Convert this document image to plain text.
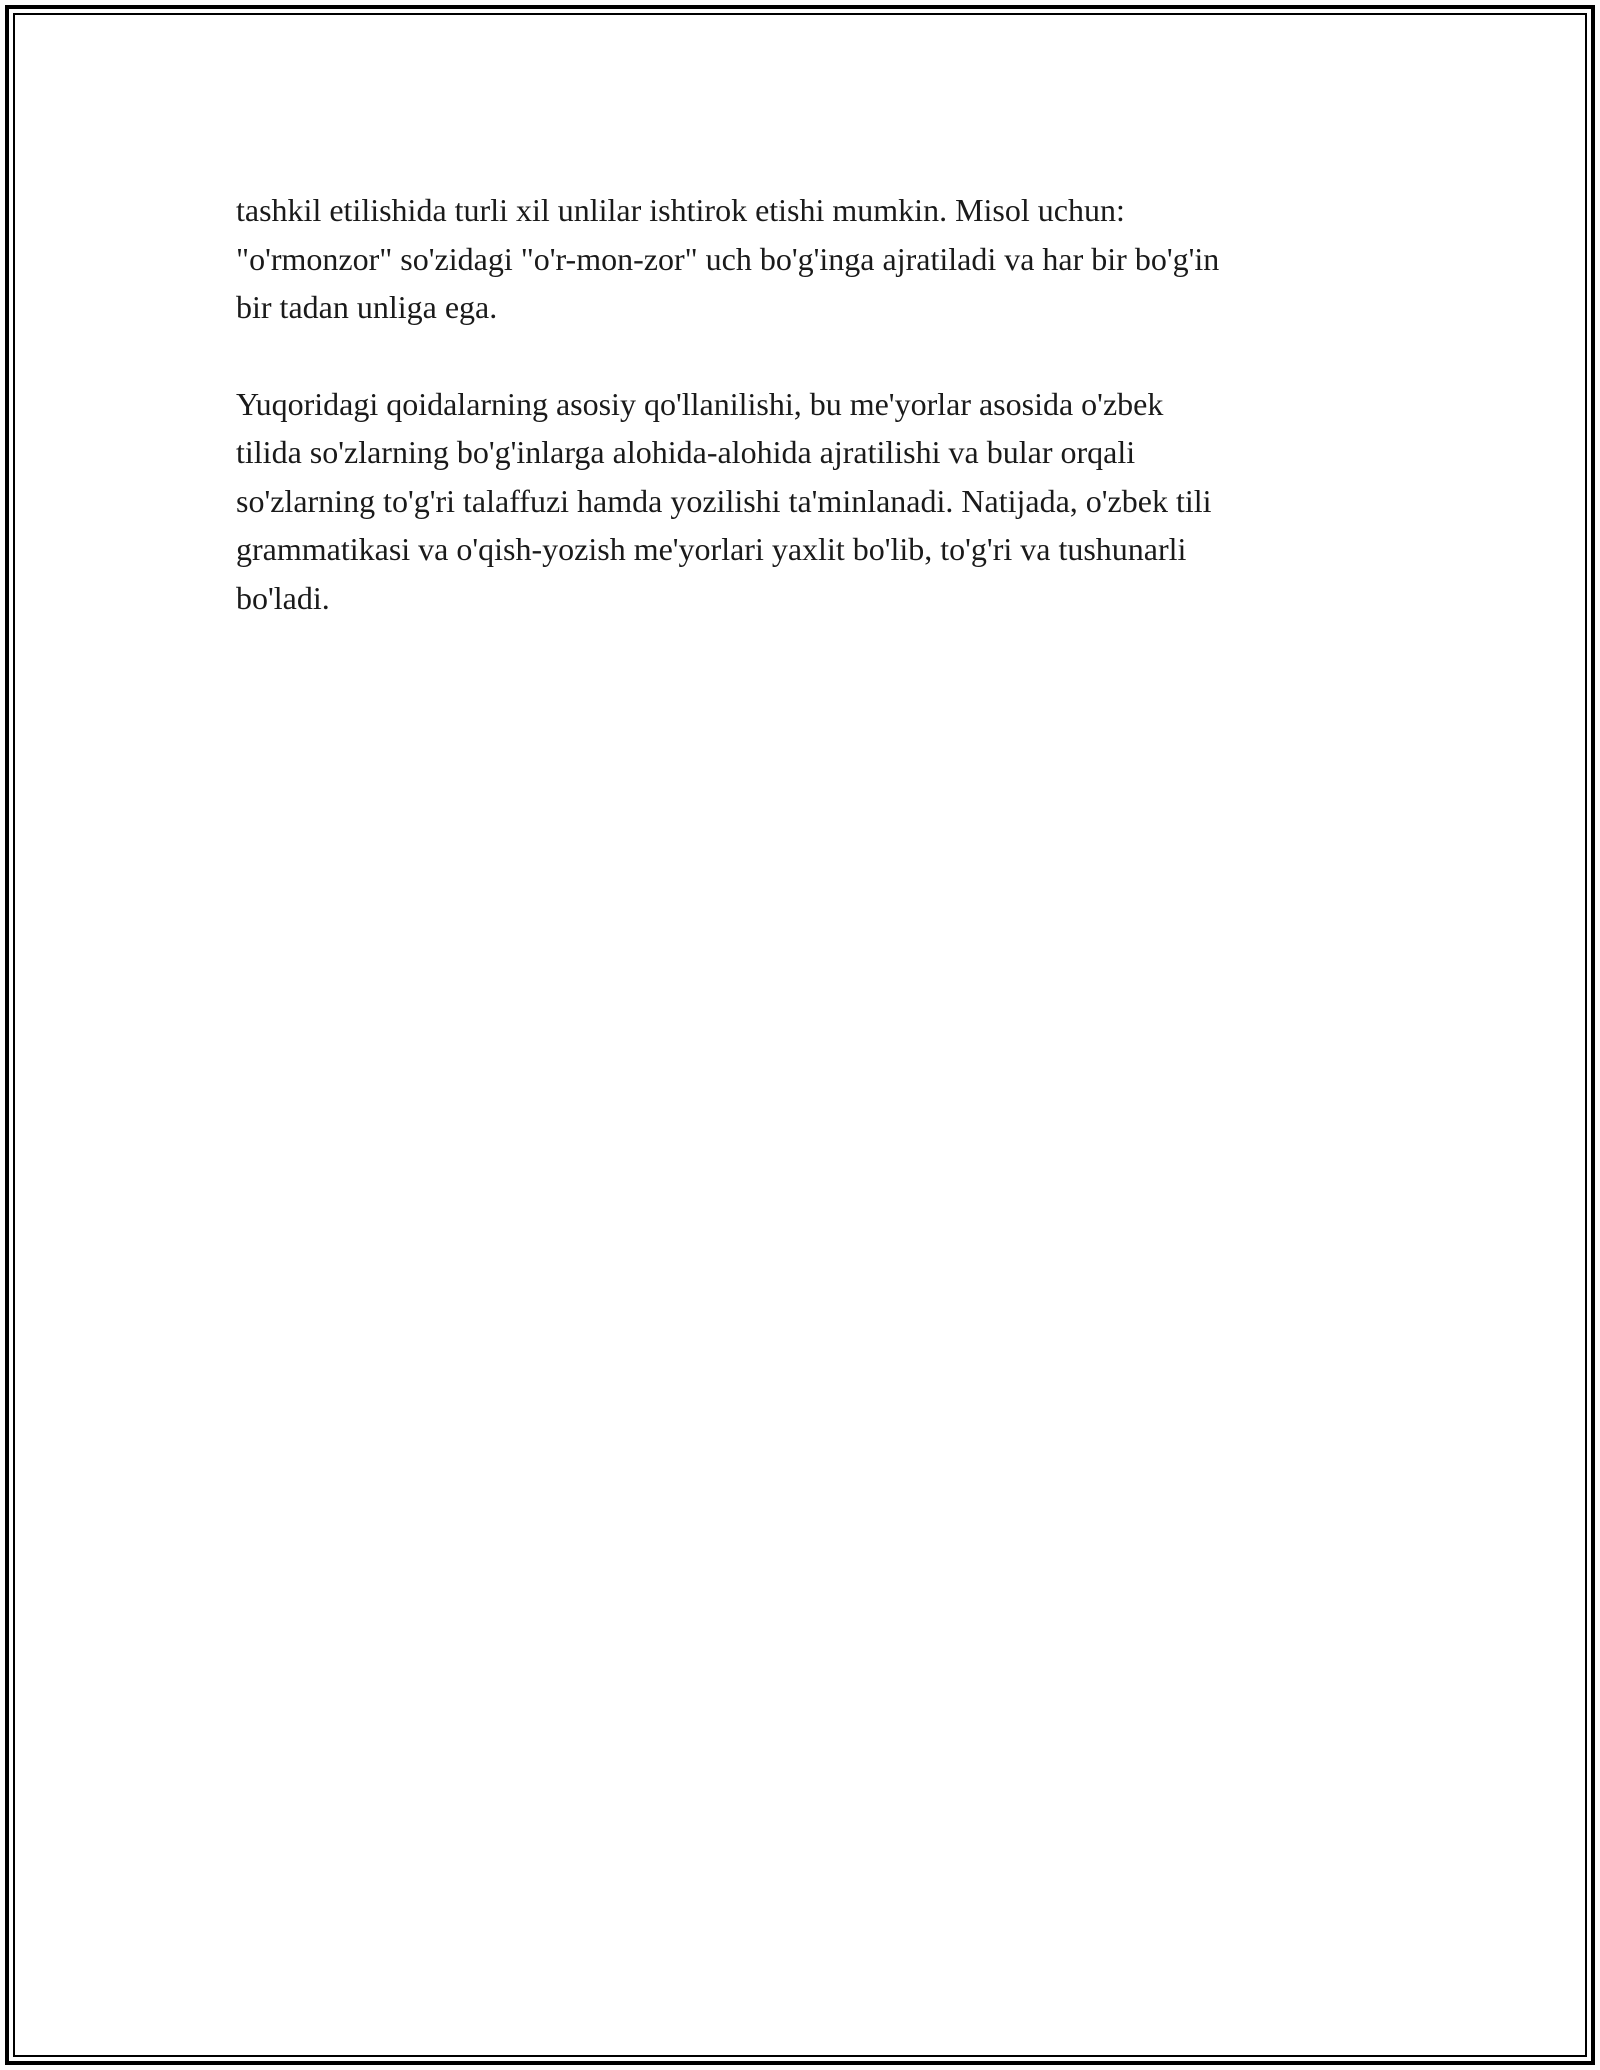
tashkil etilishida turli xil unlilar ishtirok etishi mumkin. Misol uchun:
"o'rmonzor" so'zidagi "o'r-mon-zor" uch bo'g'inga ajratiladi va har bir bo'g'in
bir tadan unliga ega.

Yuqoridagi qoidalarning asosiy qo'llanilishi, bu me'yorlar asosida o'zbek
tilida so'zlarning bo'g'inlarga alohida-alohida ajratilishi va bular orqali
so'zlarning to'g'ri talaffuzi hamda yozilishi ta'minlanadi. Natijada, o'zbek tili
grammatikasi va o'qish-yozish me'yorlari yaxlit bo'lib, to'g'ri va tushunarli
bo'ladi.
